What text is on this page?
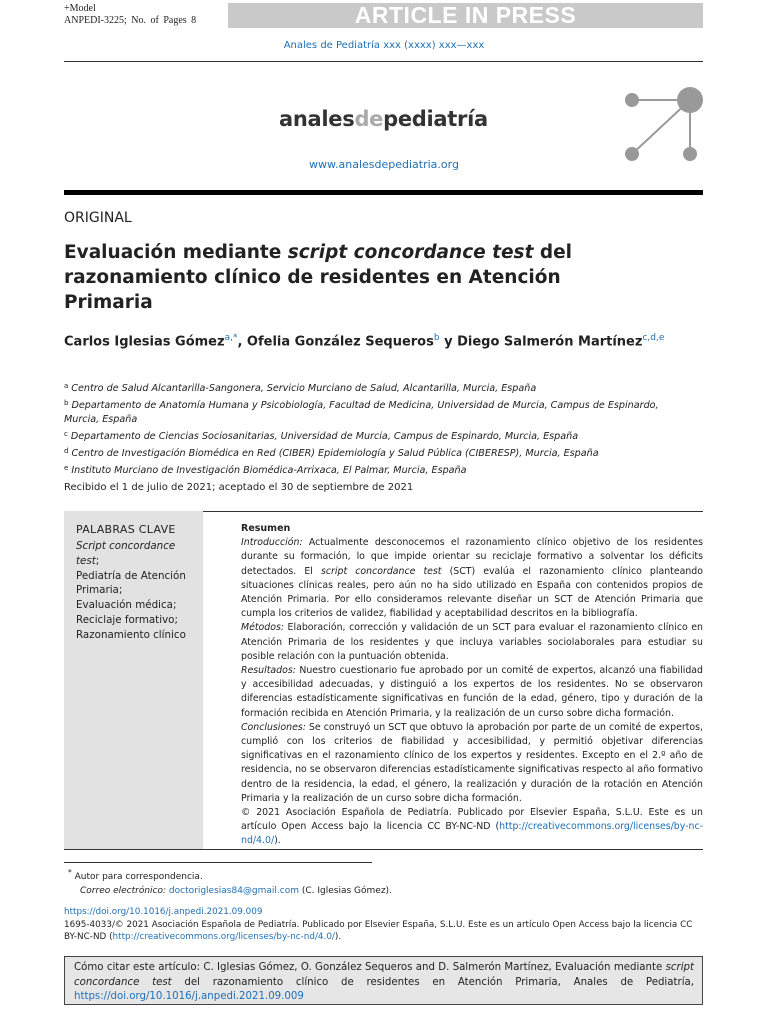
+Model
ANPEDI-3225; No. of Pages 8	ARTICLE IN PRESS
Anales de Pediatría xxx (xxxx) xxx—xxx
analesdepediatría
www.analesdepediatria.org
ORIGINAL
Evaluación mediante script concordance test del razonamiento clínico de residentes en Atención Primaria
Carlos Iglesias Gómez$^{a,*}$, Ofelia González Sequeros$^b$ y Diego Salmerón Martínez$^{c,d,e}$
$^a$ Centro de Salud Alcantarilla-Sangonera, Servicio Murciano de Salud, Alcantarilla, Murcia, España
$^b$ Departamento de Anatomía Humana y Psicobiología, Facultad de Medicina, Universidad de Murcia, Campus de Espinardo, Murcia, España
$^c$ Departamento de Ciencias Sociosanitarias, Universidad de Murcia, Campus de Espinardo, Murcia, España
$^d$ Centro de Investigación Biomédica en Red (CIBER) Epidemiología y Salud Pública (CIBERESP), Murcia, España
$^e$ Instituto Murciano de Investigación Biomédica-Arrixaca, El Palmar, Murcia, España
Recibido el 1 de julio de 2021; aceptado el 30 de septiembre de 2021
PALABRAS CLAVE
Script concordance test;
Pediatría de Atención Primaria;
Evaluación médica;
Reciclaje formativo;
Razonamiento clínico

Resumen

Introducción: Actualmente desconocemos el razonamiento clínico objetivo de los residentes durante su formación, lo que impide orientar su reciclaje formativo a solventar los déficits detectados. El script concordance test (SCT) evalúa el razonamiento clínico planteando situaciones clínicas reales, pero aún no ha sido utilizado en España con contenidos propios de Atención Primaria. Por ello consideramos relevante diseñar un SCT de Atención Primaria que cumpla los criterios de validez, fiabilidad y aceptabilidad descritos en la bibliografía.

Métodos: Elaboración, corrección y validación de un SCT para evaluar el razonamiento clínico en Atención Primaria de los residentes y que incluya variables sociolaborales para estudiar su posible relación con la puntuación obtenida.

Resultados: Nuestro cuestionario fue aprobado por un comité de expertos, alcanzó una fiabilidad y accesibilidad adecuadas, y distinguió a los expertos de los residentes. No se observaron diferencias estadísticamente significativas en función de la edad, género, tipo y duración de la formación recibida en Atención Primaria, y la realización de un curso sobre dicha formación.

Conclusiones: Se construyó un SCT que obtuvo la aprobación por parte de un comité de expertos, cumplió con los criterios de fiabilidad y accesibilidad, y permitió objetivar diferencias significativas en el razonamiento clínico de los expertos y residentes. Excepto en el 2.º año de residencia, no se observaron diferencias estadísticamente significativas respecto al año formativo dentro de la residencia, la edad, el género, la realización y duración de la rotación en Atención Primaria y la realización de un curso sobre dicha formación.

© 2021 Asociación Española de Pediatría. Publicado por Elsevier España, S.L.U. Este es un artículo Open Access bajo la licencia CC BY-NC-ND (http://creativecommons.org/licenses/by-nc-nd/4.0/).

* Autor para correspondencia.
Correo electrónico: doctoriglesias84@gmail.com (C. Iglesias Gómez).
https://doi.org/10.1016/j.anpedi.2021.09.009
1695-4033/© 2021 Asociación Española de Pediatría. Publicado por Elsevier España, S.L.U. Este es un artículo Open Access bajo la licencia CC BY-NC-ND (http://creativecommons.org/licenses/by-nc-nd/4.0/).
Cómo citar este artículo: C. Iglesias Gómez, O. González Sequeros and D. Salmerón Martínez, Evaluación mediante script concordance test del razonamiento clínico de residentes en Atención Primaria, Anales de Pediatría, https://doi.org/10.1016/j.anpedi.2021.09.009
